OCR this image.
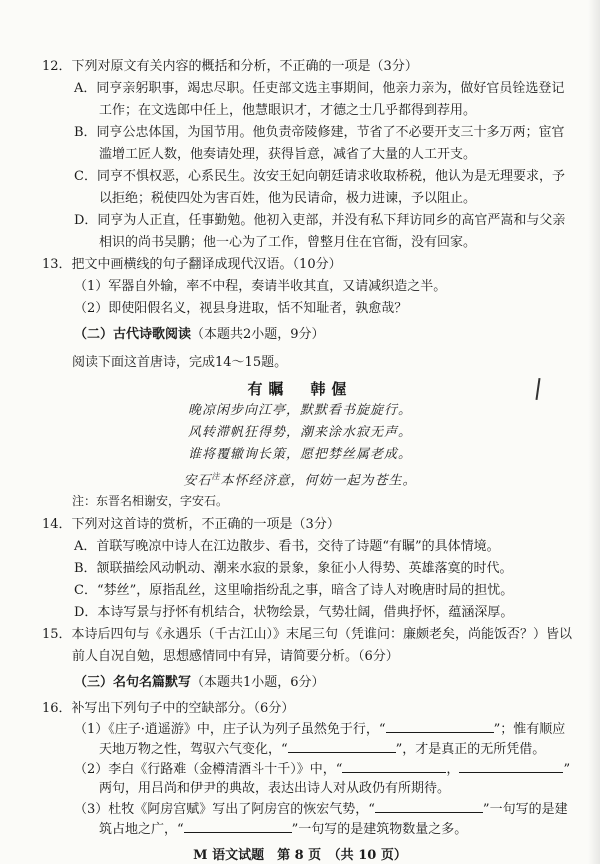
12．下列对原文有关内容的概括和分析，不正确的一项是（3分）
A．同亨亲躬职事，竭忠尽职。任吏部文选主事期间，他亲力亲为，做好官员铨选登记
工作；在文选郎中任上，他慧眼识才，才德之士几乎都得到荐用。
B．同亨公忠体国，为国节用。他负责帝陵修建，节省了不必要开支三十多万两；宦官
滥增工匠人数，他奏请处理，获得旨意，减省了大量的人工开支。
C．同亨不惧权恶，心系民生。汝安王妃向朝廷请求收取桥税，他认为是无理要求，予
以拒绝；税使四处为害百姓，他为民请命，极力进谏，予以阻止。
D．同亨为人正直，任事勤勉。他初入吏部，并没有私下拜访同乡的高官严嵩和与父亲
相识的尚书吴鹏；他一心为了工作，曾整月住在官衙，没有回家。
13．把文中画横线的句子翻译成现代汉语。（10分）
（1）军器自外输，率不中程，奏请半收其直，又请减织造之半。
（2）即使阳假名义，视县身进取，恬不知耻者，孰愈哉？
（二）古代诗歌阅读（本题共2小题，9分）
阅读下面这首唐诗，完成14～15题。
有瞩　韩偓
晚凉闲步向江亭，默默看书旋旋行。
风转滞帆狂得势，潮来涂水寂无声。
谁将覆辙询长策，愿把棼丝属老成。
安石$^注$本怀经济意，何妨一起为苍生。
注：东晋名相谢安，字安石。
14．下列对这首诗的赏析，不正确的一项是（3分）
A．首联写晚凉中诗人在江边散步、看书，交待了诗题“有瞩”的具体情境。
B．颔联描绘风动帆动、潮来水寂的景象，象征小人得势、英雄落寞的时代。
C．“棼丝”，原指乱丝，这里喻指纷乱之事，暗含了诗人对晚唐时局的担忧。
D．本诗写景与抒怀有机结合，状物绘景，气势壮阔，借典抒怀，蕴涵深厚。
15．本诗后四句与《永遇乐（千古江山）》末尾三句（凭谁问：廉颇老矣，尚能饭否？）皆以
前人自况自勉，思想感情同中有异，请简要分析。（6分）
（三）名句名篇默写（本题共1小题，6分）
16．补写出下列句子中的空缺部分。（6分）
（1）《庄子·逍遥游》中，庄子认为列子虽然免于行，“	”；惟有顺应
天地万物之性，驾驭六气变化，“	”，才是真正的无所凭借。
（2）李白《行路难（金樽清酒斗十千）》中，“	，	”
两句，用吕尚和伊尹的典故，表达出诗人对从政仍有所期待。
（3）杜牧《阿房宫赋》写出了阿房宫的恢宏气势，“	”一句写的是建
M 语文试题　第 8 页　（共 10 页）
筑占地之广，“	”一句写的是建筑物数量之多。
